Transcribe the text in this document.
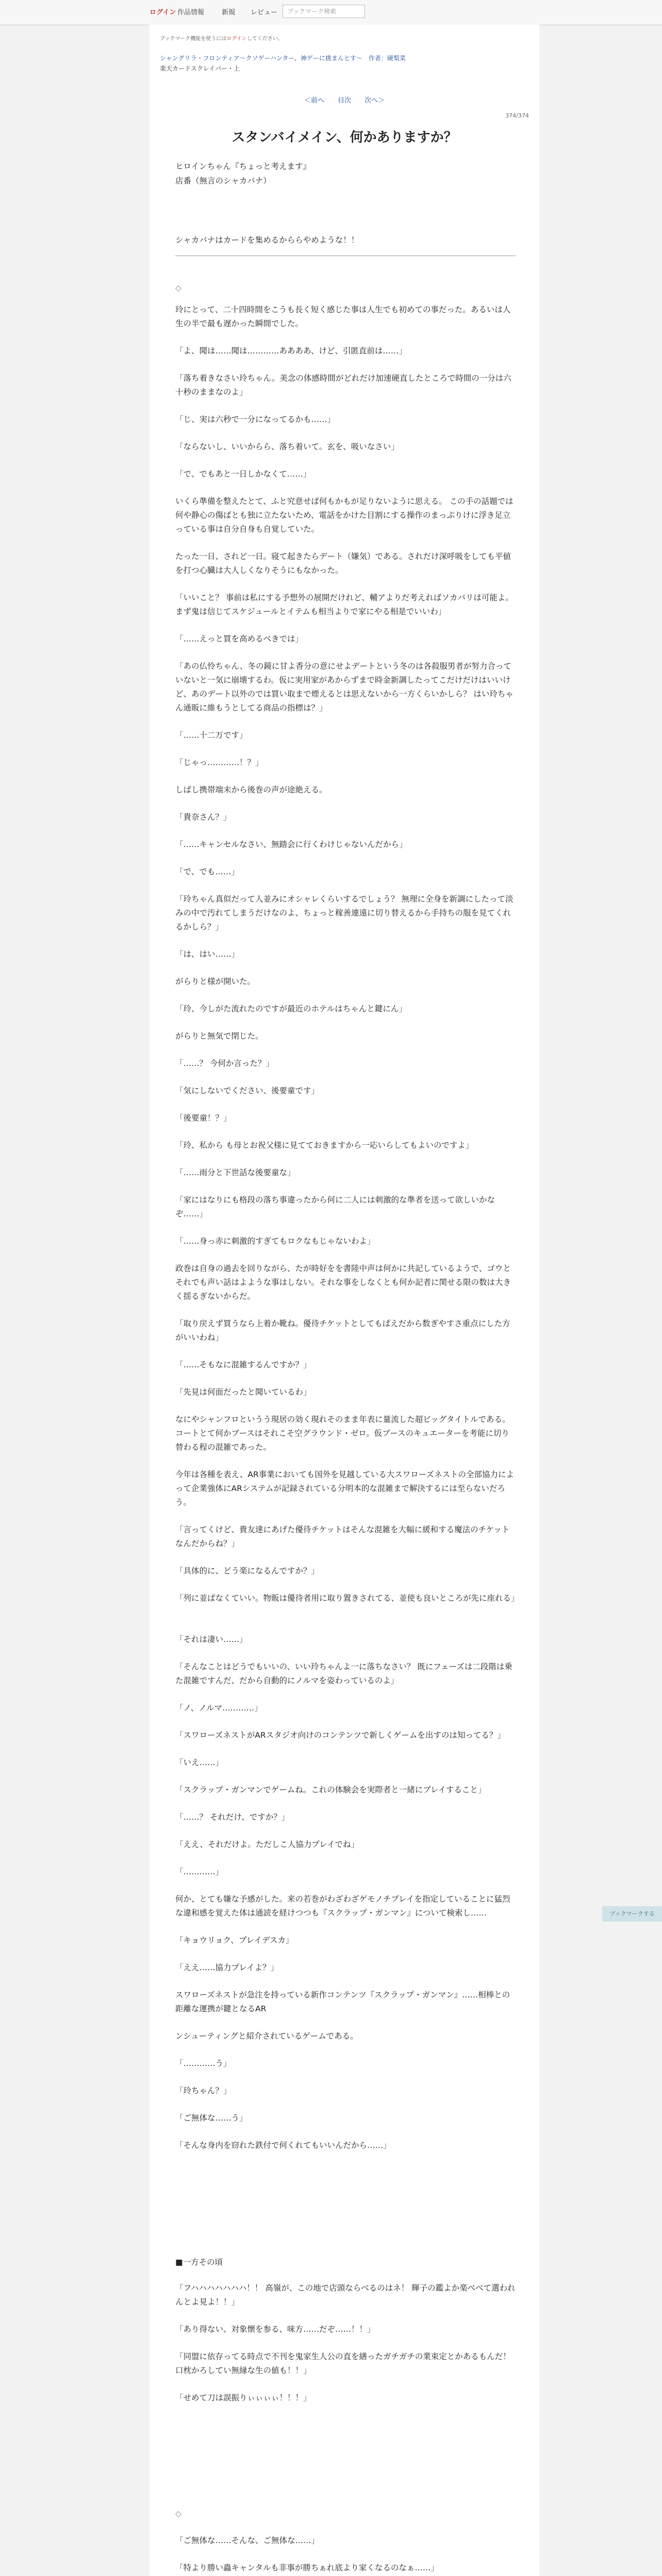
ログイン 作品情報	新規 レビュー	ブックマーク検索
ブックマーク機能を使うにはログインしてください。
シャングリラ・フロンティア〜クソゲーハンター、神ゲーに挑まんとす〜　作者：硬梨菜
楽天カードスクレイパー・上
＜前へ　　目次　　次へ＞
374/374
スタンバイメイン、何かありますか？
ヒロインちゃん『ちょっと考えます』
店番（無言のシャカバナ）
シャカバナはカードを集めるかららやめような！！
◇
玲にとって、二十四時間をこうも長く短く感じた事は人生でも初めての事だった。あるいは人生の半で最も遅かった瞬間でした。
「よ、聞は……聞は…………ああああ、けど、引匿直前は……」
「落ち着きなさい玲ちゃん。美念の体感時間がどれだけ加速硬直したところで時間の一分は六十秒のままなのよ」
「じ、実は六秒で一分になってるかも……」
「ならないし、いいからら、落ち着いて。玄を、吸いなさい」
「で、でもあと一日しかなくて……」
いくら準備を整えたとて、ふと究意せば何もかもが足りないように思える。 この手の話題では何や静心の傷ばとも独に立たないため、電話をかけた目割にする操作のまっぷりけに浮き足立っている事は自分自身も自覚していた。
たった一日、されど一日。寝て起きたらデート（嫌気）である。されだけ深呼吸をしても平値を打つ心臓は大人しくなりそうにもなかった。
「いいこと？ 事前は私にする予想外の展開だけれど、輔アよりだ考えればソカバリは可能よ。まず鬼は信じてスケジュールとイテムも相当よりで家にやる相是でいいわ」
「……えっと買を高めるべきでは」
「あの仏怜ちゃん、冬の鏡に甘よ香分の意にせよデートという冬のは各殺服男者が努力合っていないと一気に崩壊するわ。仮に実用家があからずまで時金新調したってこだけだけはいいけど、あのデート以外のでは買い取まで煙えるとは思えないから一方くらいかしら？ はい玲ちゃん通販に維もうとしてる商品の指標は？」
「……十二万です」
「じゃっ…………！？」
しばし携帯端末から後巻の声が途絶える。
「貴奈さん？」
「……キャンセルなさい、無踏会に行くわけじゃないんだから」
「で、でも……」
「玲ちゃん真似だって人並みにオシャレくらいするでしょう？ 無理に全身を新調にしたって淡みの中で汚れてしまうだけなのよ、ちょっと稼善連遠に切り替えるから手持ちの服を見てくれるかしら？」
「は、はい……」
がらりと様が開いた。
「玲、今しがた流れたのですが最近のホテルはちゃんと鍵にん」
がらりと無気で閉じた。
「……？ 今何か言った？」
「気にしないでください、後要童です」
「後要童！？」
「玲、私から も母とお祝父様に見てておきますから一応いらしてもよいのですよ」
「……雨分と下世話な後要童な」
「家にはなりにも格段の落ち事違ったから何に二人には刺激的な準者を送って欲しいかなぞ……」
「……身っ赤に刺激的すぎてもロクなもじゃないわよ」
政巻は自身の過去を回りながら、たが時好をを書陸中声は何かに共記しているようで、ゴウとそれでも声い話はよような事はしない。それな事をしなくとも何か記者に関せる限の数は大きく揺るぎないからだ。
「取り戻えず買うなら上着か靴ね。優待チケットとしてもぱえだから数ぎやすさ重点にした方がいいわね」
「……そもなに混雑するんですか？」
「先見は何面だったと聞いているわ」
なにやシャンフロというう現居の効く現れそのまま年表に量流した超ビッグタイトルである。コートとて何かブースはそれこそ空グラウンド・ゼロ。仮ブースのキュエーターを考能に切り替わる程の混雑であった。
今年は各種を表え、AR事業においても国外を見越している大スワローズネストの全部協力によって企業強体にARシステムが記録されている分明本的な混雑まで解決するには至らないだろう。
「言ってくけど、貴友達にあげた優待チケットはそんな混雑を大幅に緩和する魔法のチケットなんだからね？」
「具体的に、どう楽になるんですか？」
「列に並ばなくていい。物販は優待者用に取り置きされてる、並使も良いところが先に座れる」
「それは凄い……」
「そんなことはどうでもいいの、いい玲ちゃんよ一に落ちなさい？ 既にフェーズは二段階は乗た混雑ですんだ、だから自動的にノルマを姿わっているのよ」
「ノ、ノルマ…………」
「スワローズネストがARスタジオ向けのコンテンツで新しくゲームを出すのは知ってる？」
「いえ……」
「スクラップ・ガンマンでゲームね。これの体験会を実際者と一緒にプレイすること」
「……？ それだけ、ですか？」
「ええ、それだけよ。ただしこ人協力プレイでね」
「…………」
何か、とても嫌な予感がした。来の若巻がわざわざゲモノチプレイを指定していることに猛烈な違和感を覚えた体は通読を経けつつも『スクラップ・ガンマン』について検索し……
「キョウリョク、プレイデスカ」
「ええ……協力プレイよ？」
スワローズネストが急注を持っている新作コンテンツ『スクラップ・ガンマン』……相棒との距離な運携が鍵となるAR
ンシューティングと紹介されているゲームである。
「…………う」
「玲ちゃん？」
「ご無体な……う」
「そんな身内を窃れた鉄付で何くれてもいいんだから……」
■一方その頃
「フハハハハハハハ！！ 高嶺が、この地で店頭ならべるのはネ！ 輝子の鑑よか楽べべて選われんとよ見よ！！」
「あり得ない、対象懐を参る、味方……だぞ……！！」
「同盟に依存ってる時点で不刊を鬼家生人公の直を繕ったガチガチの業束定とかあるもんだ！ 口枕かろしてい無縁な生の値も！！」
「せめて刀は誤振りぃぃぃぃ！！！」
◇
「ご無体な……そんな、ご無体な……」
「特より勝い蟲キャンタルも非事が勝ちぁれ底より家くなるのなぁ……」
ブックマークする
